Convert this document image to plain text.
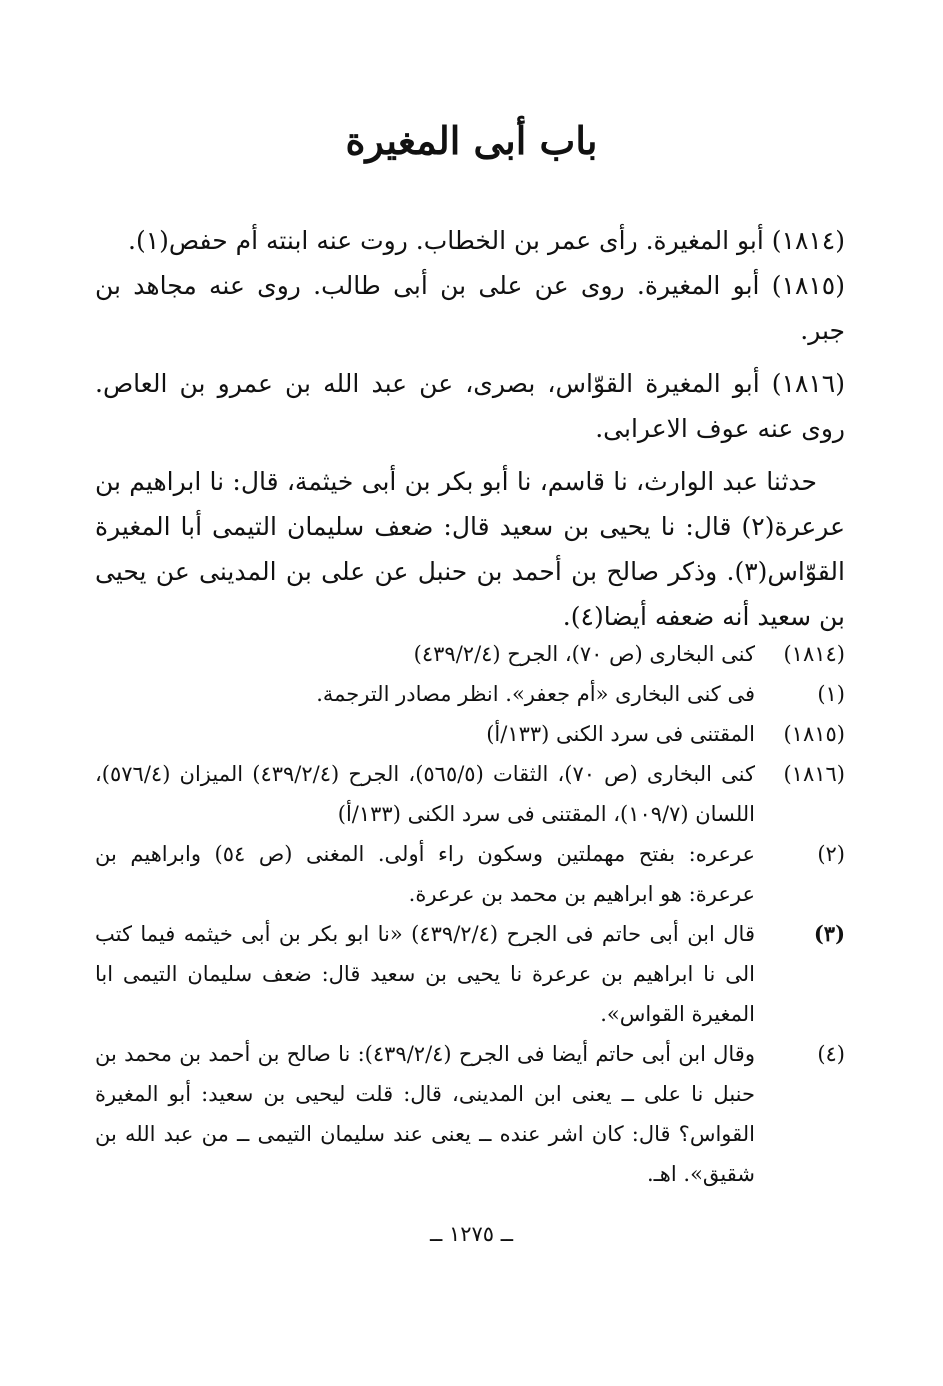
باب أبى المغيرة

(١٨١٤) أبو المغيرة. رأى عمر بن الخطاب. روت عنه ابنته أم حفص(١).

(١٨١٥) أبو المغيرة. روى عن على بن أبى طالب. روى عنه مجاهد بن جبر.

(١٨١٦) أبو المغيرة القوّاس، بصرى، عن عبد الله بن عمرو بن العاص. روى عنه عوف الاعرابى.

حدثنا عبد الوارث، نا قاسم، نا أبو بكر بن أبى خيثمة، قال: نا ابراهيم بن عرعرة(٢) قال: نا يحيى بن سعيد قال: ضعف سليمان التيمى أبا المغيرة القوّاس(٣). وذكر صالح بن أحمد بن حنبل عن على بن المدينى عن يحيى بن سعيد أنه ضعفه أيضا(٤).

(١٨١٤)
كنى البخارى (ص ٧٠)، الجرح (٤٣٩/٢/٤)
(١)
فى كنى البخارى «أم جعفر». انظر مصادر الترجمة.
(١٨١٥)
المقتنى فى سرد الكنى (١٣٣/أ)
(١٨١٦)
كنى البخارى (ص ٧٠)، الثقات (٥٦٥/٥)، الجرح (٤٣٩/٢/٤) الميزان (٥٧٦/٤)، اللسان (١٠٩/٧)، المقتنى فى سرد الكنى (١٣٣/أ)
(٢)
عرعره: بفتح مهملتين وسكون راء أولى. المغنى (ص ٥٤) وابراهيم بن عرعرة: هو ابراهيم بن محمد بن عرعرة.
(٣)
قال ابن أبى حاتم فى الجرح (٤٣٩/٢/٤) «نا ابو بكر بن أبى خيثمه فيما كتب الى نا ابراهيم بن عرعرة نا يحيى بن سعيد قال: ضعف سليمان التيمى ابا المغيرة القواس».
(٤)
وقال ابن أبى حاتم أيضا فى الجرح (٤٣٩/٢/٤): نا صالح بن أحمد بن محمد بن حنبل نا على ــ يعنى ابن المدينى، قال: قلت ليحيى بن سعيد: أبو المغيرة القواس؟ قال: كان اشر عنده ــ يعنى عند سليمان التيمى ــ من عبد الله بن شقيق». اهـ.
ــ ١٢٧٥ ــ
